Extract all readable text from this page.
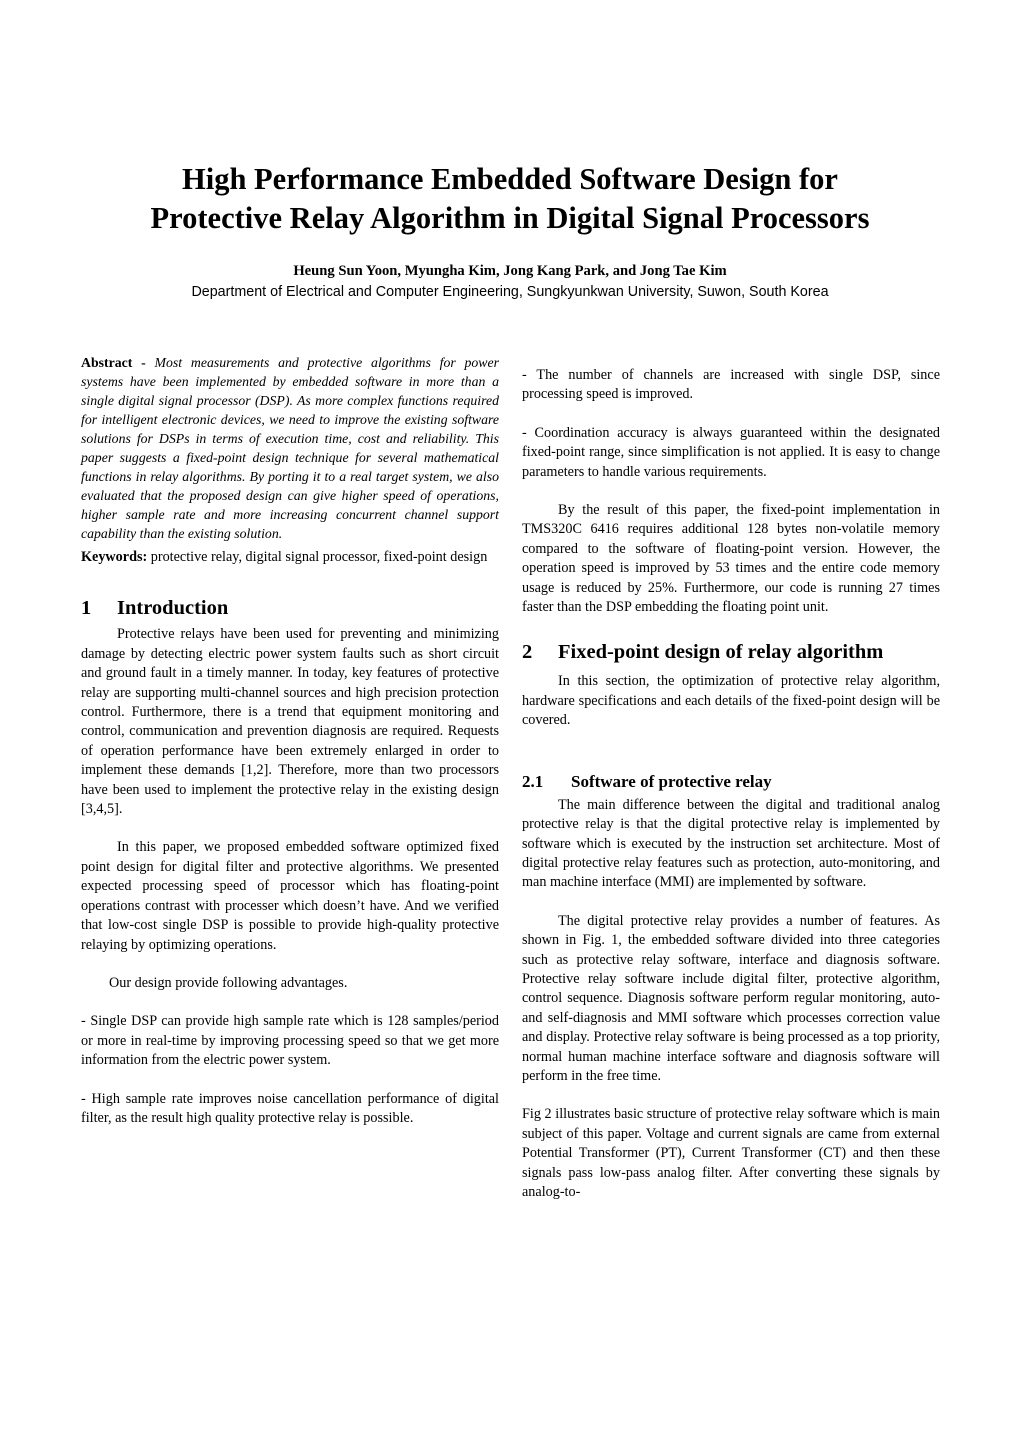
High Performance Embedded Software Design for
Protective Relay Algorithm in Digital Signal Processors
Heung Sun Yoon, Myungha Kim, Jong Kang Park, and Jong Tae Kim
Department of Electrical and Computer Engineering, Sungkyunkwan University, Suwon, South Korea

Abstract - Most measurements and protective algorithms for power systems have been implemented by embedded software in more than a single digital signal processor (DSP). As more complex functions required for intelligent electronic devices, we need to improve the existing software solutions for DSPs in terms of execution time, cost and reliability. This paper suggests a fixed-point design technique for several mathematical functions in relay algorithms. By porting it to a real target system, we also evaluated that the proposed design can give higher speed of operations, higher sample rate and more increasing concurrent channel support capability than the existing solution.

Keywords: protective relay, digital signal processor, fixed-point design

1 Introduction

Protective relays have been used for preventing and minimizing damage by detecting electric power system faults such as short circuit and ground fault in a timely manner. In today, key features of protective relay are supporting multi-channel sources and high precision protection control. Furthermore, there is a trend that equipment monitoring and control, communication and prevention diagnosis are required. Requests of operation performance have been extremely enlarged in order to implement these demands [1,2]. Therefore, more than two processors have been used to implement the protective relay in the existing design [3,4,5].

In this paper, we proposed embedded software optimized fixed point design for digital filter and protective algorithms. We presented expected processing speed of processor which has floating-point operations contrast with processer which doesn’t have. And we verified that low-cost single DSP is possible to provide high-quality protective relaying by optimizing operations.

Our design provide following advantages.

- Single DSP can provide high sample rate which is 128 samples/period or more in real-time by improving processing speed so that we get more information from the electric power system.

- High sample rate improves noise cancellation performance of digital filter, as the result high quality protective relay is possible.

- The number of channels are increased with single DSP, since processing speed is improved.

- Coordination accuracy is always guaranteed within the designated fixed-point range, since simplification is not applied. It is easy to change parameters to handle various requirements.

By the result of this paper, the fixed-point implementation in TMS320C 6416 requires additional 128 bytes non-volatile memory compared to the software of floating-point version. However, the operation speed is improved by 53 times and the entire code memory usage is reduced by 25%. Furthermore, our code is running 27 times faster than the DSP embedding the floating point unit.

2 Fixed-point design of relay algorithm

In this section, the optimization of protective relay algorithm, hardware specifications and each details of the fixed-point design will be covered.

2.1 Software of protective relay

The main difference between the digital and traditional analog protective relay is that the digital protective relay is implemented by software which is executed by the instruction set architecture. Most of digital protective relay features such as protection, auto-monitoring, and man machine interface (MMI) are implemented by software.

The digital protective relay provides a number of features. As shown in Fig. 1, the embedded software divided into three categories such as protective relay software, interface and diagnosis software. Protective relay software include digital filter, protective algorithm, control sequence. Diagnosis software perform regular monitoring, auto- and self-diagnosis and MMI software which processes correction value and display. Protective relay software is being processed as a top priority, normal human machine interface software and diagnosis software will perform in the free time.

Fig 2 illustrates basic structure of protective relay software which is main subject of this paper. Voltage and current signals are came from external Potential Transformer (PT), Current Transformer (CT) and then these signals pass low-pass analog filter. After converting these signals by analog-to-
